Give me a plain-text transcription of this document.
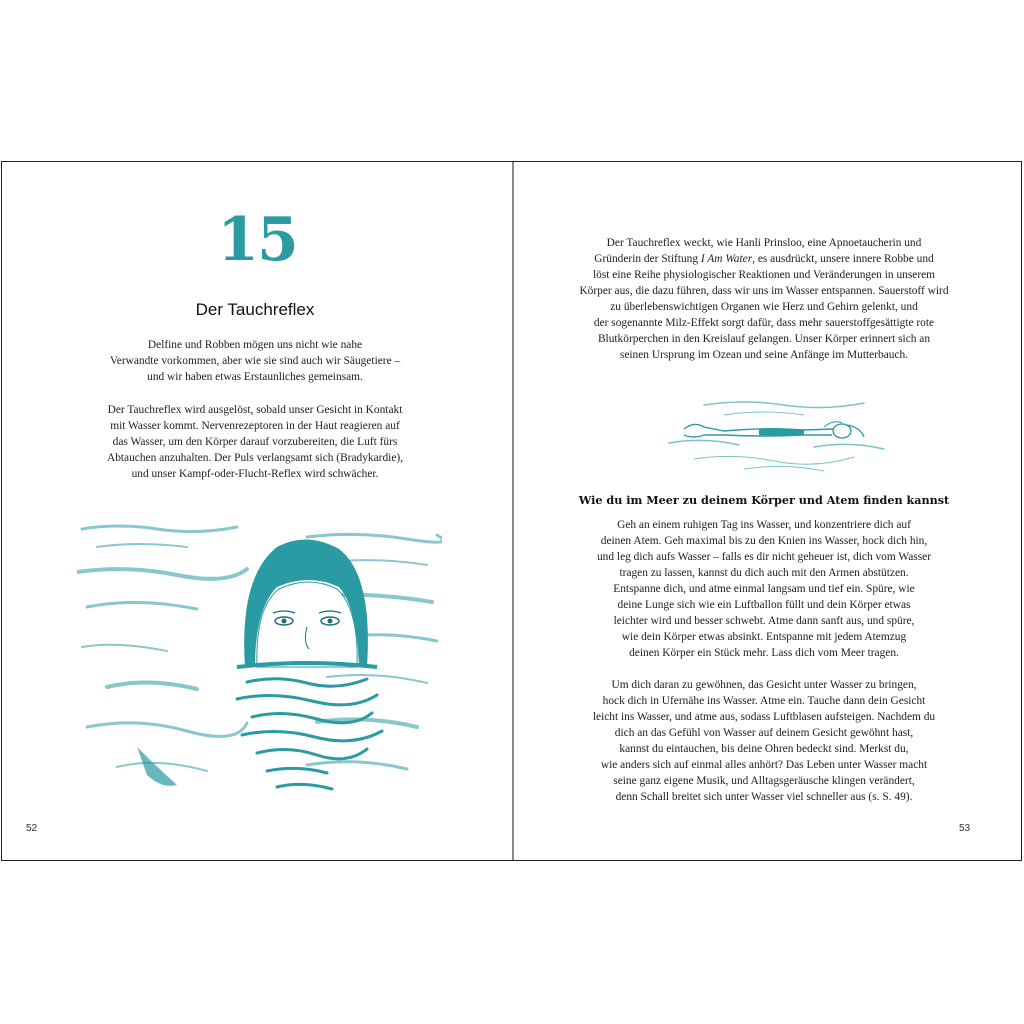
15
Der Tauchreflex

Delfine und Robben mögen uns nicht wie nahe
Verwandte vorkommen, aber wie sie sind auch wir Säugetiere –
und wir haben etwas Erstaunliches gemeinsam.

Der Tauchreflex wird ausgelöst, sobald unser Gesicht in Kontakt
mit Wasser kommt. Nervenrezeptoren in der Haut reagieren auf
das Wasser, um den Körper darauf vorzubereiten, die Luft fürs
Abtauchen anzuhalten. Der Puls verlangsamt sich (Bradykardie),
und unser Kampf-oder-Flucht-Reflex wird schwächer.

52

Der Tauchreflex weckt, wie Hanli Prinsloo, eine Apnoetaucherin und
Gründerin der Stiftung I Am Water, es ausdrückt, unsere innere Robbe und
löst eine Reihe physiologischer Reaktionen und Veränderungen in unserem
Körper aus, die dazu führen, dass wir uns im Wasser entspannen. Sauerstoff wird
zu überlebenswichtigen Organen wie Herz und Gehirn gelenkt, und
der sogenannte Milz-Effekt sorgt dafür, dass mehr sauerstoffgesättigte rote
Blutkörperchen in den Kreislauf gelangen. Unser Körper erinnert sich an
seinen Ursprung im Ozean und seine Anfänge im Mutterbauch.

Wie du im Meer zu deinem Körper und Atem finden kannst

Geh an einem ruhigen Tag ins Wasser, und konzentriere dich auf
deinen Atem. Geh maximal bis zu den Knien ins Wasser, hock dich hin,
und leg dich aufs Wasser – falls es dir nicht geheuer ist, dich vom Wasser
tragen zu lassen, kannst du dich auch mit den Armen abstützen.
Entspanne dich, und atme einmal langsam und tief ein. Spüre, wie
deine Lunge sich wie ein Luftballon füllt und dein Körper etwas
leichter wird und besser schwebt. Atme dann sanft aus, und spüre,
wie dein Körper etwas absinkt. Entspanne mit jedem Atemzug
deinen Körper ein Stück mehr. Lass dich vom Meer tragen.

Um dich daran zu gewöhnen, das Gesicht unter Wasser zu bringen,
hock dich in Ufernähe ins Wasser. Atme ein. Tauche dann dein Gesicht
leicht ins Wasser, und atme aus, sodass Luftblasen aufsteigen. Nachdem du
dich an das Gefühl von Wasser auf deinem Gesicht gewöhnt hast,
kannst du eintauchen, bis deine Ohren bedeckt sind. Merkst du,
wie anders sich auf einmal alles anhört? Das Leben unter Wasser macht
seine ganz eigene Musik, und Alltagsgeräusche klingen verändert,
denn Schall breitet sich unter Wasser viel schneller aus (s. S. 49).

53
